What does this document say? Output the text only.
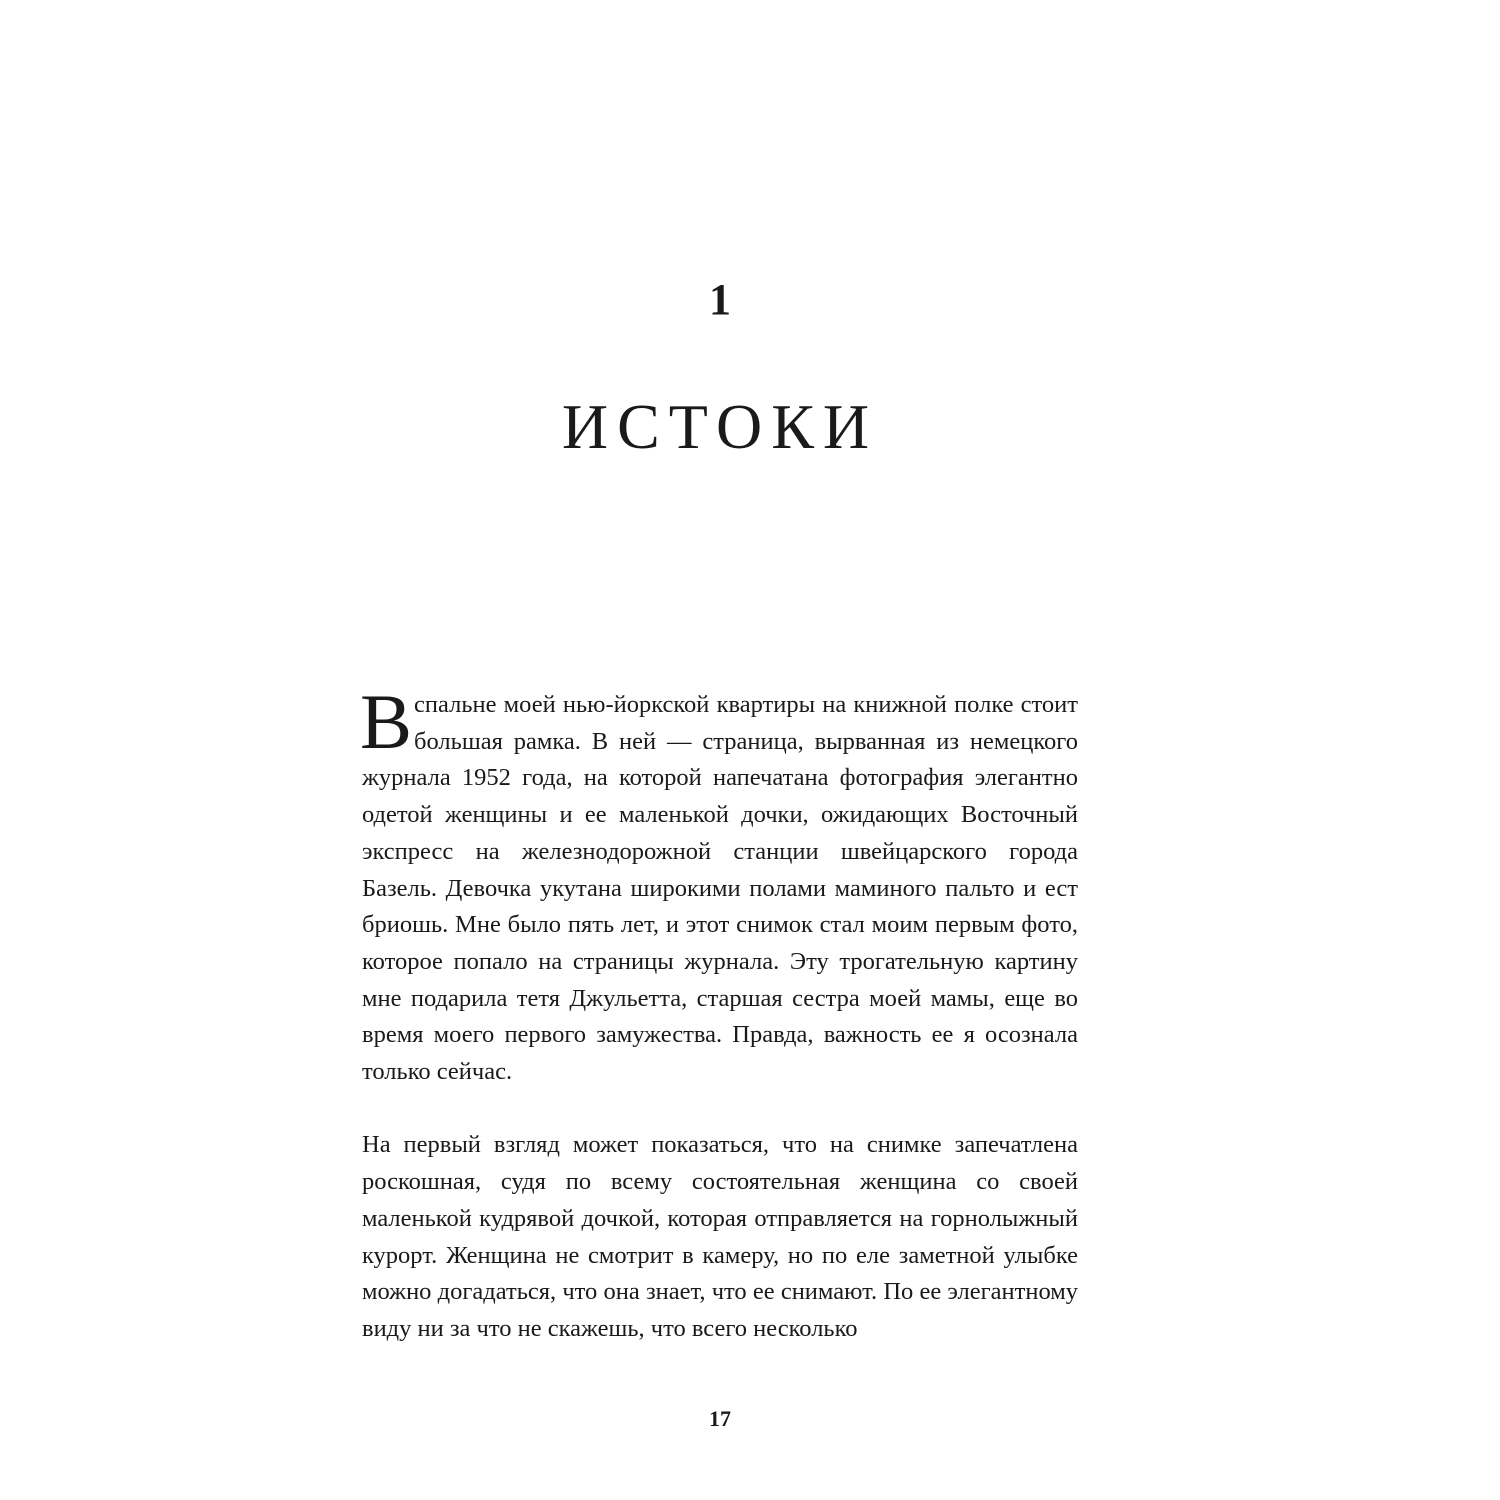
1
ИСТОКИ

Вспальне моей нью-йоркской квартиры на книжной полке стоит большая рамка. В ней — страница, вырванная из немецкого журнала 1952 года, на которой напечатана фотография элегантно одетой женщины и ее маленькой дочки, ожидающих Восточный экспресс на железнодорожной станции швейцарского города Базель. Девочка укутана широкими полами маминого пальто и ест бриошь. Мне было пять лет, и этот снимок стал моим первым фото, которое попало на страницы журнала. Эту трогательную картину мне подарила тетя Джульетта, старшая сестра моей мамы, еще во время моего первого замужества. Правда, важность ее я осознала только сейчас.

На первый взгляд может показаться, что на снимке запечатлена роскошная, судя по всему состоятельная женщина со своей маленькой кудрявой дочкой, которая отправляется на горнолыжный курорт. Женщина не смотрит в камеру, но по еле заметной улыбке можно догадаться, что она знает, что ее снимают. По ее элегантному виду ни за что не скажешь, что всего несколько

17
